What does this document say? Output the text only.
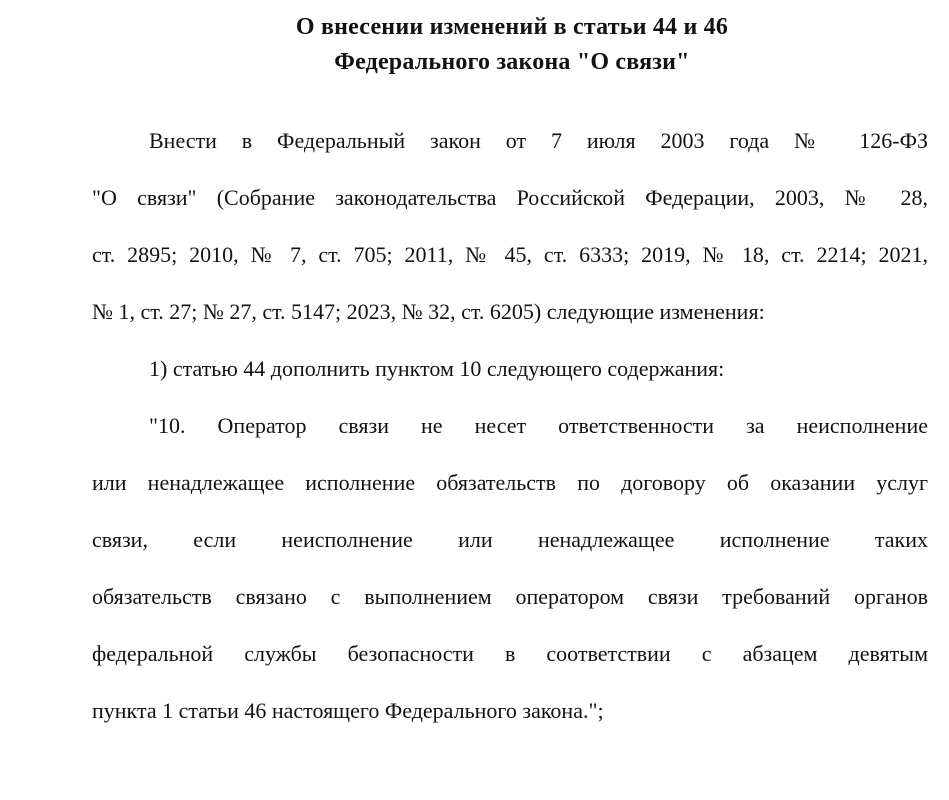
О внесении изменений в статьи 44 и 46
Федерального закона "О связи"
Внести в Федеральный закон от 7 июля 2003 года № 126-ФЗ
"О связи" (Собрание законодательства Российской Федерации, 2003, № 28,
ст. 2895; 2010, № 7, ст. 705; 2011, № 45, ст. 6333; 2019, № 18, ст. 2214; 2021,
№ 1, ст. 27; № 27, ст. 5147; 2023, № 32, ст. 6205) следующие изменения:
1) статью 44 дополнить пунктом 10 следующего содержания:
"10. Оператор связи не несет ответственности за неисполнение
или ненадлежащее исполнение обязательств по договору об оказании услуг
связи, если неисполнение или ненадлежащее исполнение таких
обязательств связано с выполнением оператором связи требований органов
федеральной службы безопасности в соответствии с абзацем девятым
пункта 1 статьи 46 настоящего Федерального закона.";
